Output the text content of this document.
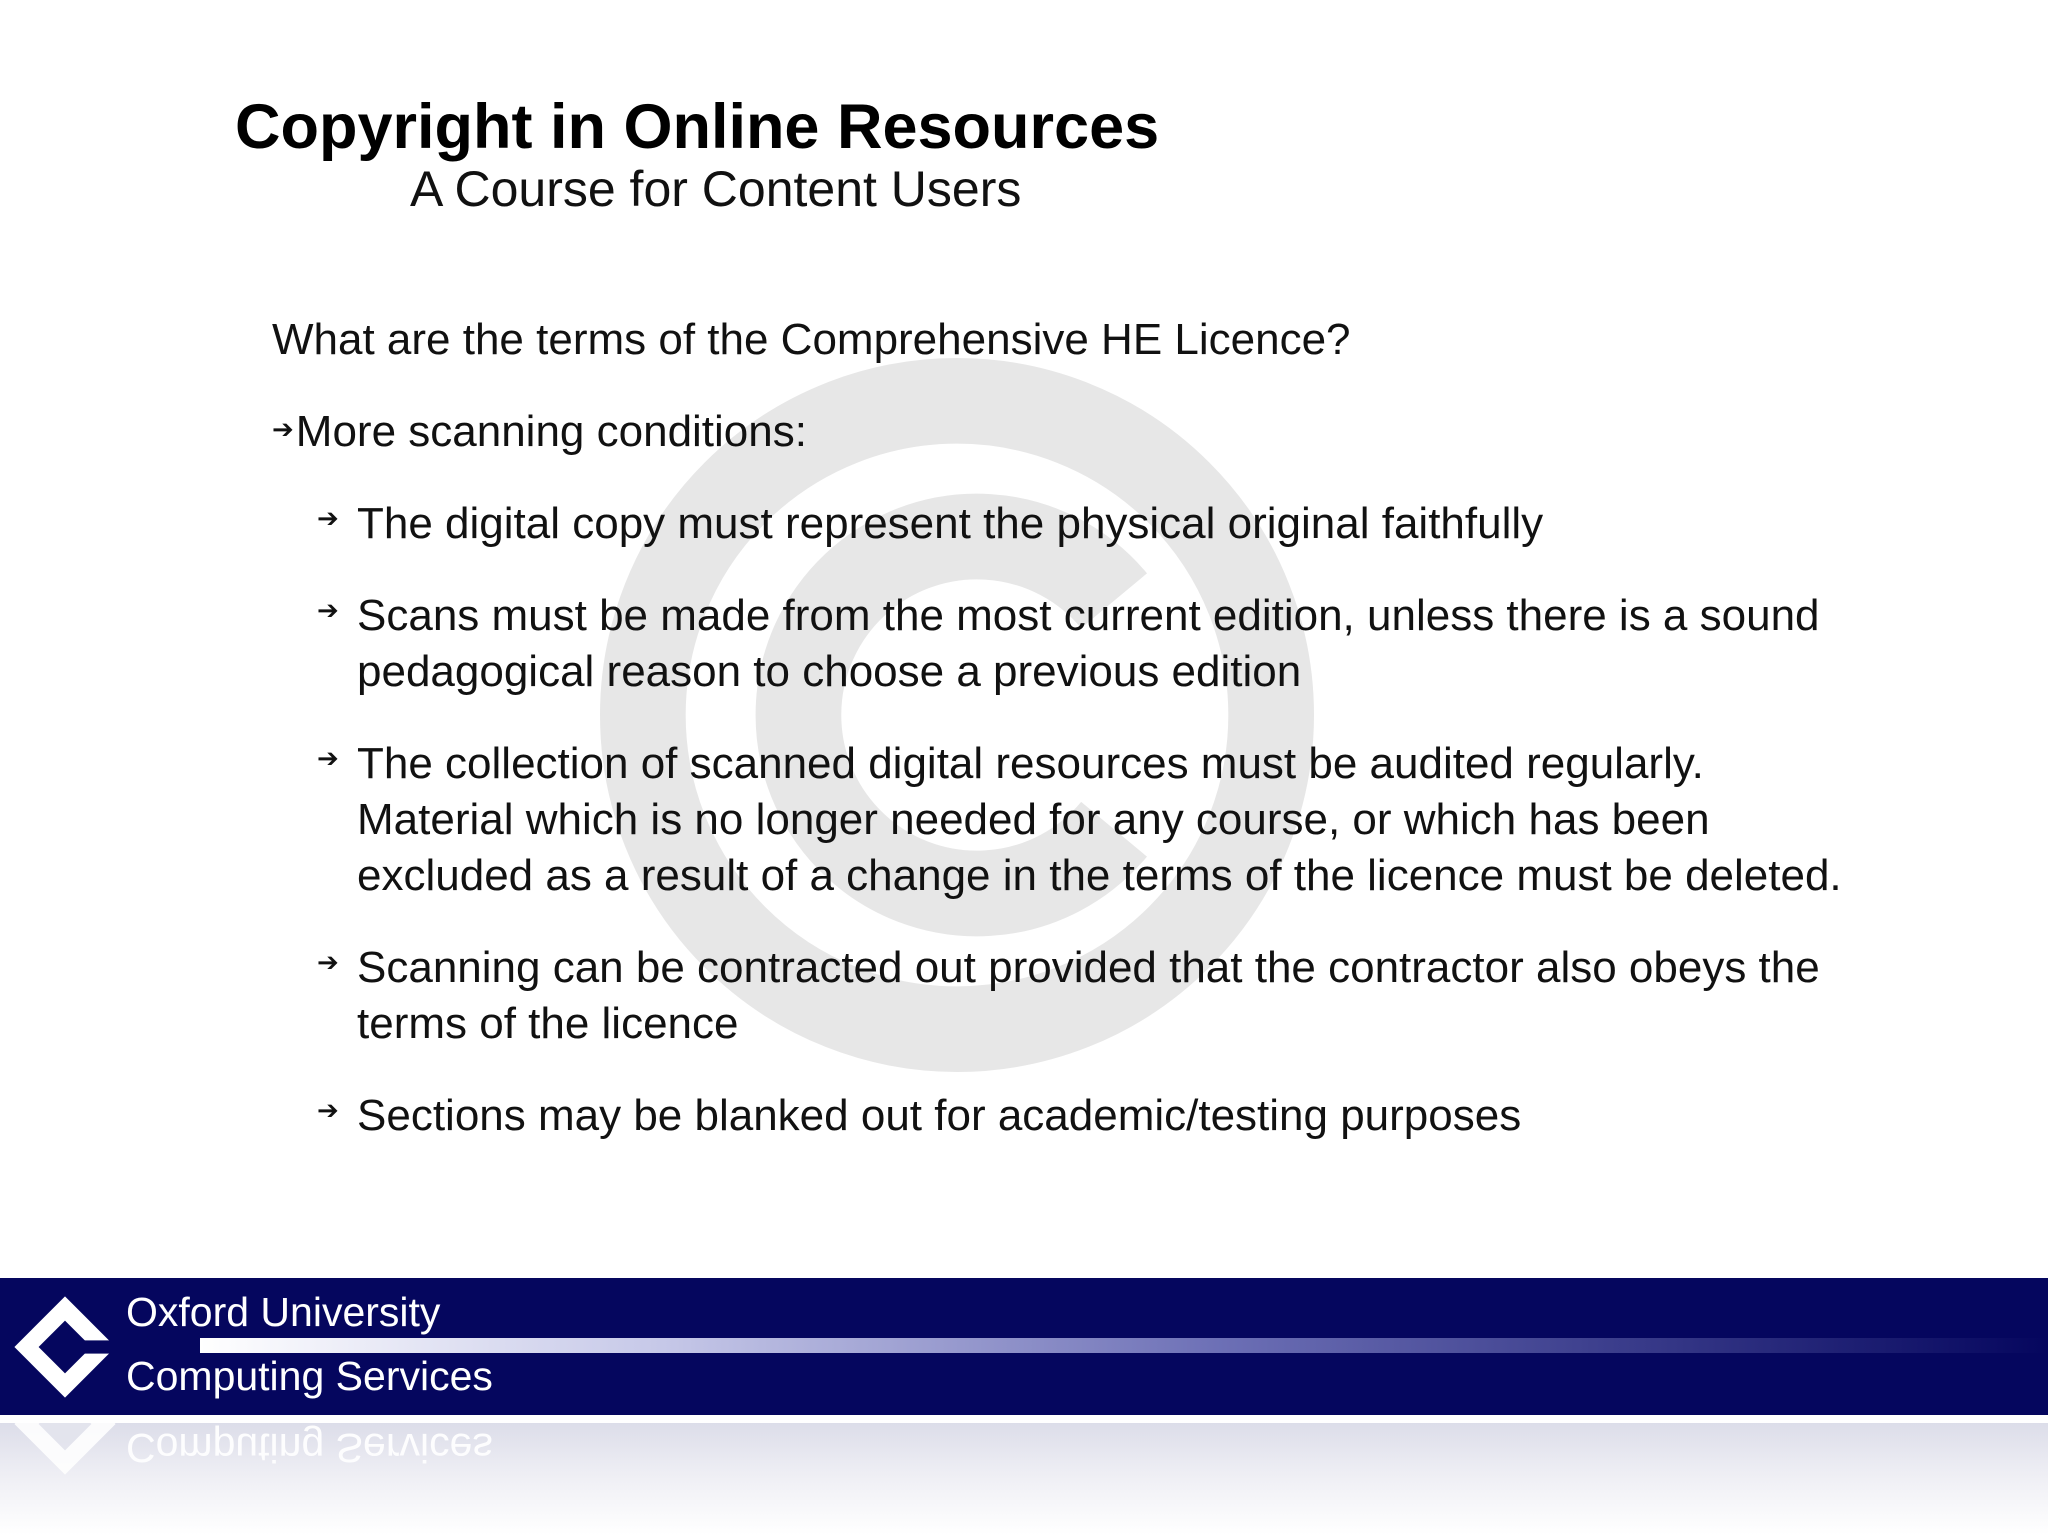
Copyright in Online Resources
A Course for Content Users
What are the terms of the Comprehensive HE Licence?
➔More scanning conditions:
➔ The digital copy must represent the physical original faithfully
➔ Scans must be made from the most current edition, unless there is a sound pedagogical reason to choose a previous edition
➔ The collection of scanned digital resources must be audited regularly. Material which is no longer needed for any course, or which has been excluded as a result of a change in the terms of the licence must be deleted.
➔ Scanning can be contracted out provided that the contractor also obeys the terms of the licence
➔ Sections may be blanked out for academic/testing purposes
Oxford University
Computing Services
Computing Services
